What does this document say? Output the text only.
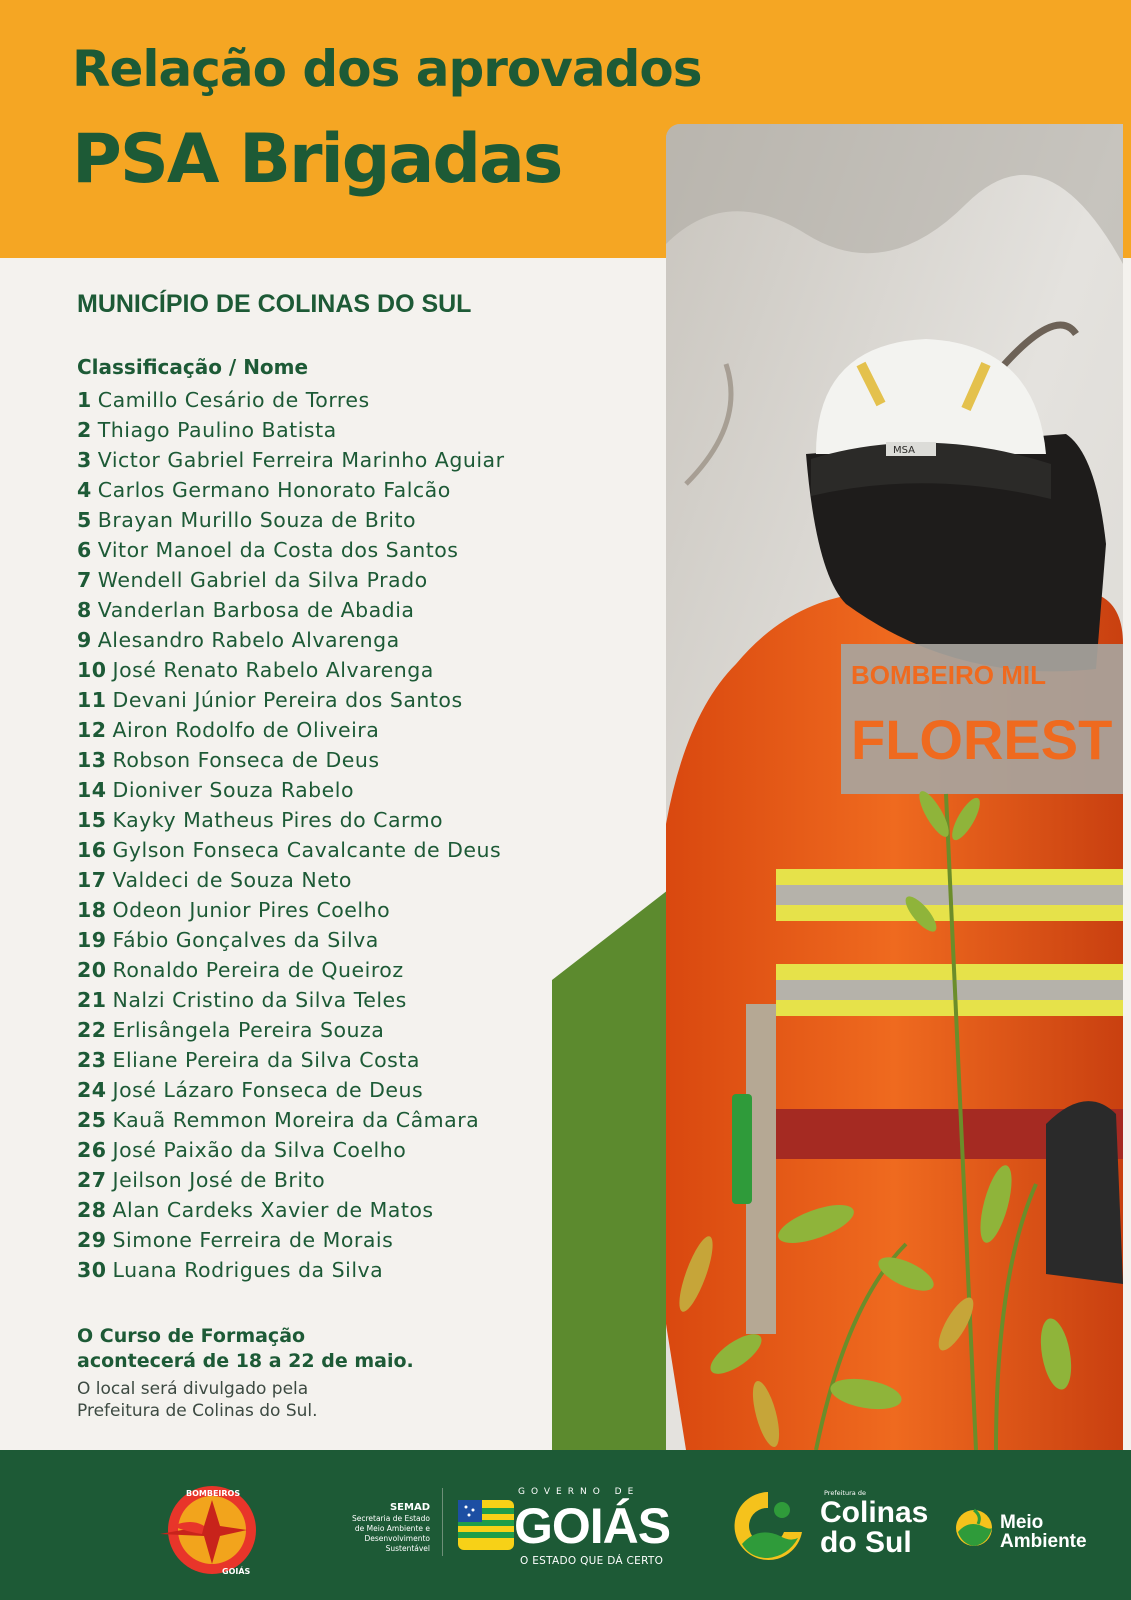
Relação dos aprovados
PSA Brigadas
MSA
BOMBEIRO MIL
FLOREST
MUNICÍPIO DE COLINAS DO SUL
Classificação / Nome
1 Camillo Cesário de Torres
2 Thiago Paulino Batista
3 Victor Gabriel Ferreira Marinho Aguiar
4 Carlos Germano Honorato Falcão
5 Brayan Murillo Souza de Brito
6 Vitor Manoel da Costa dos Santos
7 Wendell Gabriel da Silva Prado
8 Vanderlan Barbosa de Abadia
9 Alesandro Rabelo Alvarenga
10 José Renato Rabelo Alvarenga
11 Devani Júnior Pereira dos Santos
12 Airon Rodolfo de Oliveira
13 Robson Fonseca de Deus
14 Dioniver Souza Rabelo
15 Kayky Matheus Pires do Carmo
16 Gylson Fonseca Cavalcante de Deus
17 Valdeci de Souza Neto
18 Odeon Junior Pires Coelho
19 Fábio Gonçalves da Silva
20 Ronaldo Pereira de Queiroz
21 Nalzi Cristino da Silva Teles
22 Erlisângela Pereira Souza
23 Eliane Pereira da Silva Costa
24 José Lázaro Fonseca de Deus
25 Kauã Remmon Moreira da Câmara
26 José Paixão da Silva Coelho
27 Jeilson José de Brito
28 Alan Cardeks Xavier de Matos
29 Simone Ferreira de Morais
30 Luana Rodrigues da Silva
O Curso de Formação
acontecerá de 18 a 22 de maio.
O local será divulgado pela
Prefeitura de Colinas do Sul.
BOMBEIROS
GOIÁS
SEMAD
Secretaria de Estado
de Meio Ambiente e
Desenvolvimento
Sustentável
GOVERNO DE
GOIÁS
O ESTADO QUE DÁ CERTO
Prefeitura de
Colinas
do Sul
Meio
Ambiente
